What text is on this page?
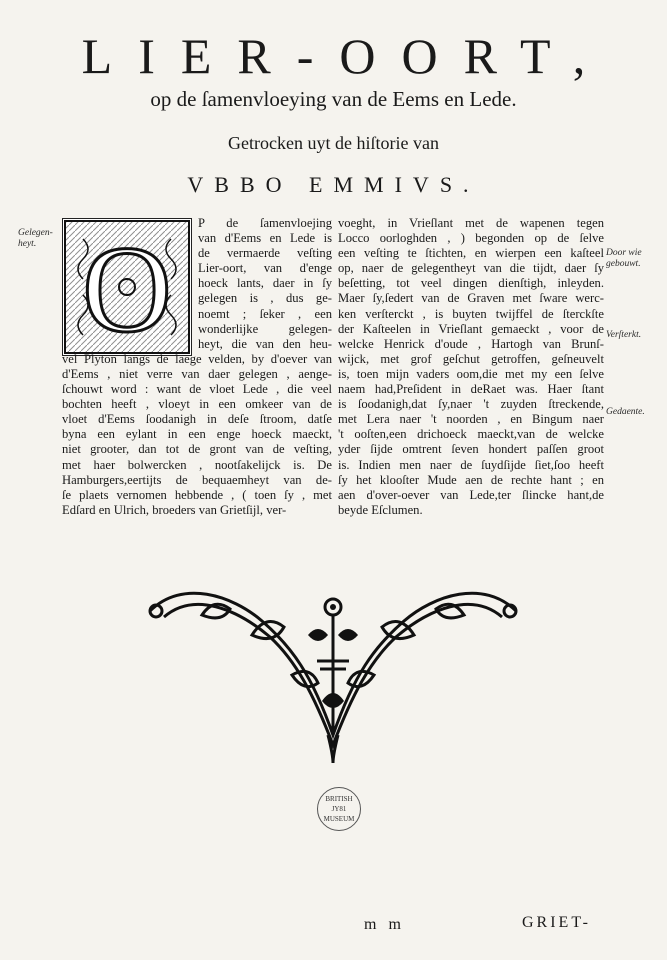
LIER-OORT,
op de ſamenvloeying van de Eems en Lede.
Getrocken uyt de hiſtorie van
VBBO EMMIVS.
Gelegen-
heyt.
Door wie
gebouwt.
Verſterkt.
Gedaente.
O	P de ſamenvloejing
van d'Eems en Lede is
de vermaerde veſting
Lier-oort, van d'enge
hoeck lants, daer in ſy
gelegen is , dus ge-
noemt ; ſeker , een
wonderlijke gelegen-
heyt, die van den heu-
vel Plyton langs de laege velden, by d'oever van
d'Eems , niet verre van daer gelegen , aenge-
ſchouwt word : want de vloet Lede , die veel
bochten heeft , vloeyt in een omkeer van de
vloet d'Eems ſoodanigh in deſe ſtroom, datſe
byna een eylant in een enge hoeck maeckt,
niet grooter, dan tot de gront van de veſting,
met haer bolwercken , nootſakelijck is. De
Hamburgers,eertijts de bequaemheyt van de-
ſe plaets vernomen hebbende , ( toen ſy , met
Edſard en Ulrich, broeders van Grietſijl, ver-
voeght, in Vrieſlant met de wapenen tegen
Locco oorloghden , ) begonden op de ſelve
een veſting te ſtichten, en wierpen een kaſteel
op, naer de gelegentheyt van die tijdt, daer ſy
beſetting, tot veel dingen dienſtigh, inleyden.
Maer ſy,ſedert van de Graven met ſware werc-
ken verſterckt , is buyten twijffel de ſterckſte
der Kaſteelen in Vrieſlant gemaeckt , voor de
welcke Henrick d'oude , Hartogh van Brunſ-
wijck, met grof geſchut getroffen, geſneuvelt
is, toen mijn vaders oom,die met my een ſelve
naem had,Preſident in deRaet was. Haer ſtant
is ſoodanigh,dat ſy,naer 't zuyden ſtreckende,
met Lera naer 't noorden , en Bingum naer
't ooſten,een drichoeck maeckt,van de welcke
yder ſijde omtrent ſeven hondert paſſen groot
is. Indien men naer de ſuydſijde ſiet,ſoo heeft
ſy het klooſter Mude aen de rechte hant ; en
aen d'over-oever van Lede,ter ſlincke hant,de
beyde Eſclumen.
BRITISH
JY81
MUSEUM
m m	GRIET-
